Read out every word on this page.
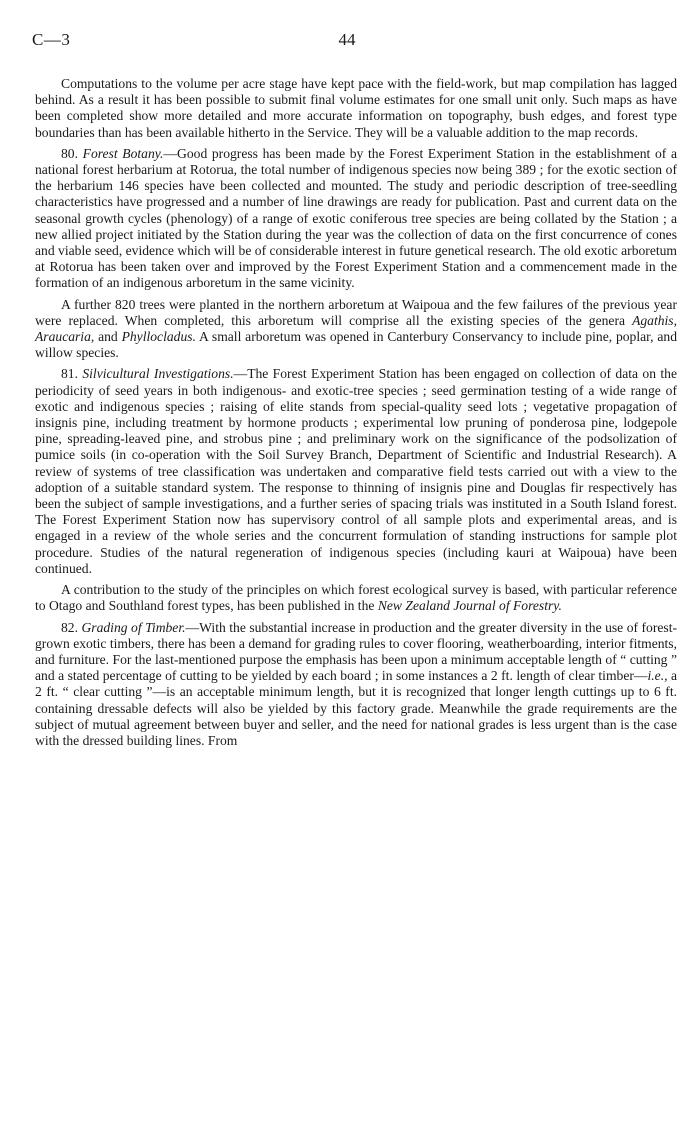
C—3	44

Computations to the volume per acre stage have kept pace with the field-work, but map compilation has lagged behind. As a result it has been possible to submit final volume estimates for one small unit only. Such maps as have been completed show more detailed and more accurate information on topography, bush edges, and forest type boundaries than has been available hitherto in the Service. They will be a valuable addition to the map records.

80. Forest Botany.—Good progress has been made by the Forest Experiment Station in the establishment of a national forest herbarium at Rotorua, the total number of indigenous species now being 389 ; for the exotic section of the herbarium 146 species have been collected and mounted. The study and periodic description of tree-seedling characteristics have progressed and a number of line drawings are ready for publication. Past and current data on the seasonal growth cycles (phenology) of a range of exotic coniferous tree species are being collated by the Station ; a new allied project initiated by the Station during the year was the collection of data on the first concurrence of cones and viable seed, evidence which will be of considerable interest in future genetical research. The old exotic arboretum at Rotorua has been taken over and improved by the Forest Experiment Station and a commencement made in the formation of an indigenous arboretum in the same vicinity.

A further 820 trees were planted in the northern arboretum at Waipoua and the few failures of the previous year were replaced. When completed, this arboretum will comprise all the existing species of the genera Agathis, Araucaria, and Phyllocladus. A small arboretum was opened in Canterbury Conservancy to include pine, poplar, and willow species.

81. Silvicultural Investigations.—The Forest Experiment Station has been engaged on collection of data on the periodicity of seed years in both indigenous- and exotic-tree species ; seed germination testing of a wide range of exotic and indigenous species ; raising of elite stands from special-quality seed lots ; vegetative propagation of insignis pine, including treatment by hormone products ; experimental low pruning of ponderosa pine, lodgepole pine, spreading-leaved pine, and strobus pine ; and preliminary work on the significance of the podsolization of pumice soils (in co-operation with the Soil Survey Branch, Department of Scientific and Industrial Research). A review of systems of tree classification was undertaken and comparative field tests carried out with a view to the adoption of a suitable standard system. The response to thinning of insignis pine and Douglas fir respectively has been the subject of sample investigations, and a further series of spacing trials was instituted in a South Island forest. The Forest Experiment Station now has supervisory control of all sample plots and experimental areas, and is engaged in a review of the whole series and the concurrent formulation of standing instructions for sample plot procedure. Studies of the natural regeneration of indigenous species (including kauri at Waipoua) have been continued.

A contribution to the study of the principles on which forest ecological survey is based, with particular reference to Otago and Southland forest types, has been published in the New Zealand Journal of Forestry.

82. Grading of Timber.—With the substantial increase in production and the greater diversity in the use of forest-grown exotic timbers, there has been a demand for grading rules to cover flooring, weatherboarding, interior fitments, and furniture. For the last-mentioned purpose the emphasis has been upon a minimum acceptable length of “ cutting ” and a stated percentage of cutting to be yielded by each board ; in some instances a 2 ft. length of clear timber—i.e., a 2 ft. “ clear cutting ”—is an acceptable minimum length, but it is recognized that longer length cuttings up to 6 ft. containing dressable defects will also be yielded by this factory grade. Meanwhile the grade requirements are the subject of mutual agreement between buyer and seller, and the need for national grades is less urgent than is the case with the dressed building lines. From
